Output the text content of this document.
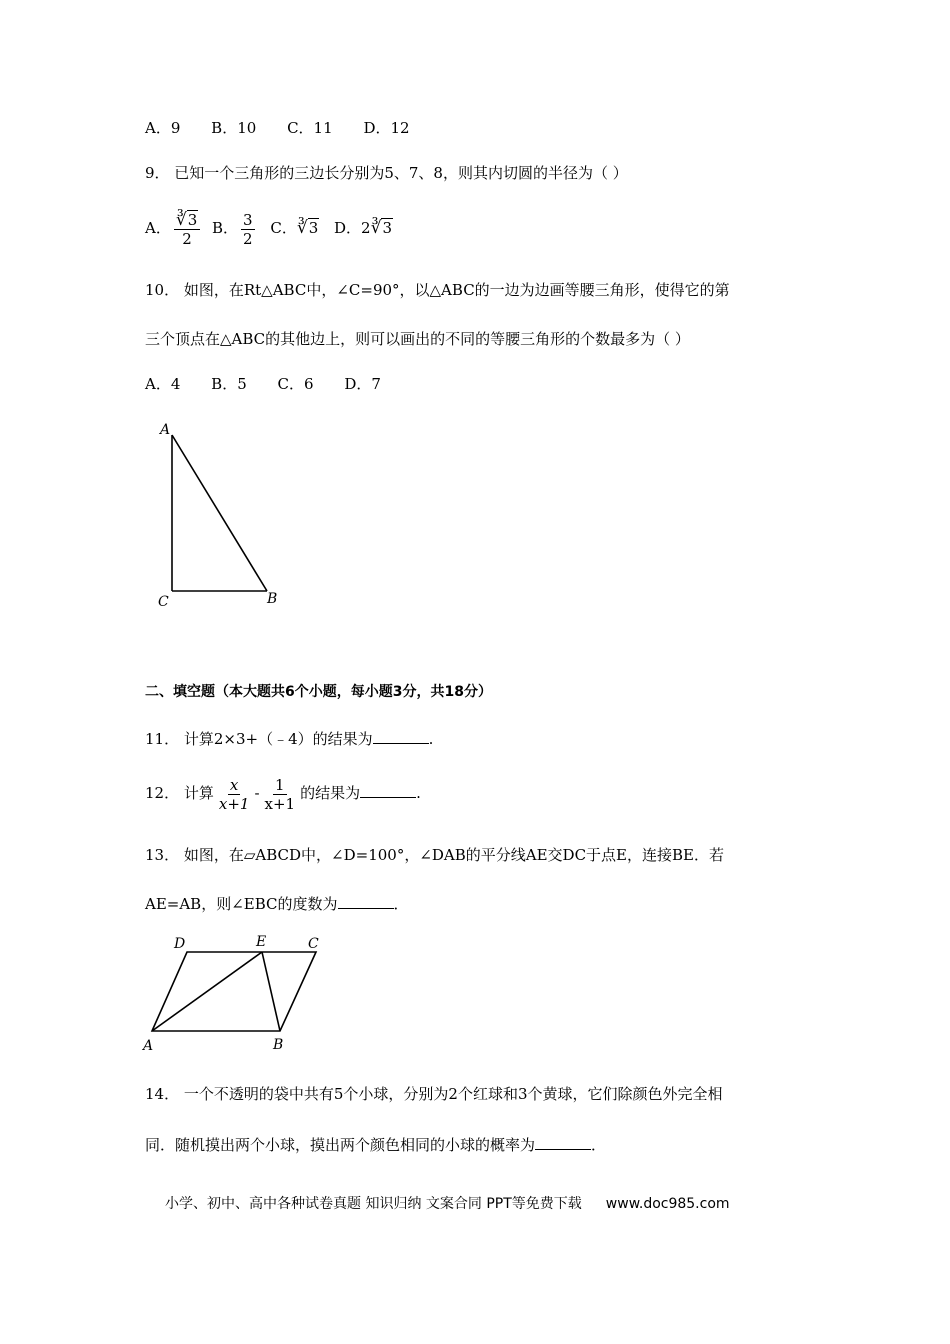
A．9 B．10 C．11 D．12
9． 已知一个三角形的三边长分别为5、7、8，则其内切圆的半径为（ ）
A． $\frac{∛3}{2}$ B． $\frac{3}{2}$ C．∛3 D．2∛3
10． 如图，在Rt△ABC中，∠C=90°，以△ABC的一边为边画等腰三角形，使得它的第
三个顶点在△ABC的其他边上，则可以画出的不同的等腰三角形的个数最多为（ ）
A．4 B．5 C．6 D．7
A
C	B
二、填空题（本大题共6个小题，每小题3分，共18分）
11． 计算2×3+（﹣4）的结果为	.
12． 计算 $\frac{x}{x+1} - \frac{1}{x+1}$ 的结果为	.
13． 如图，在▱ABCD中，∠D=100°，∠DAB的平分线AE交DC于点E，连接BE．若
AE=AB，则∠EBC的度数为	．
D	E	C
A	B
14． 一个不透明的袋中共有5个小球，分别为2个红球和3个黄球，它们除颜色外完全相
同．随机摸出两个小球，摸出两个颜色相同的小球的概率为	．
小学、初中、高中各种试卷真题 知识归纳 文案合同 PPT等免费下载 www.doc985.com
